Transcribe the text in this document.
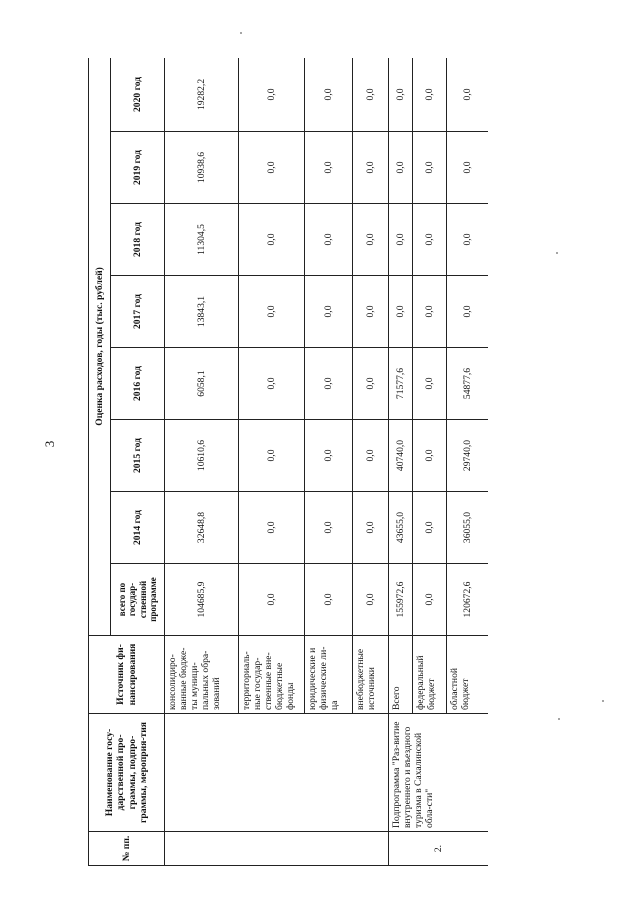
3
№ пп.	Наименование госу-дарственной про-граммы, подпро-граммы, мероприя-тия	Источник фи-нансирования	Оценка расходов, годы (тыс. рублей)							
			всего по государ-ственной программе	2014 год	2015 год	2016 год	2017 год	2018 год	2019 год	2020 год
		консолидиро-ванные бюдже-ты муници-пальных обра-зований	104685,9	32648,8	10610,6	6058,1	13843,1	11304,5	10938,6	19282,2
		территориаль-ные государ-ственные вне-бюджетные фонды	0,0	0,0	0,0	0,0	0,0	0,0	0,0	0,0
		юридические и физические ли-ца	0,0	0,0	0,0	0,0	0,0	0,0	0,0	0,0
		внебюджетные источники	0,0	0,0	0,0	0,0	0,0	0,0	0,0	0,0
2.	Подпрограмма "Раз-витие внутреннего и въездного туризма в Сахалинской обла-сти"	Всего	155972,6	43655,0	40740,0	71577,6	0,0	0,0	0,0	0,0
		федеральный бюджет	0,0	0,0	0,0	0,0	0,0	0,0	0,0	0,0
		областной бюджет	120672,6	36055,0	29740,0	54877,6	0,0	0,0	0,0	0,0
